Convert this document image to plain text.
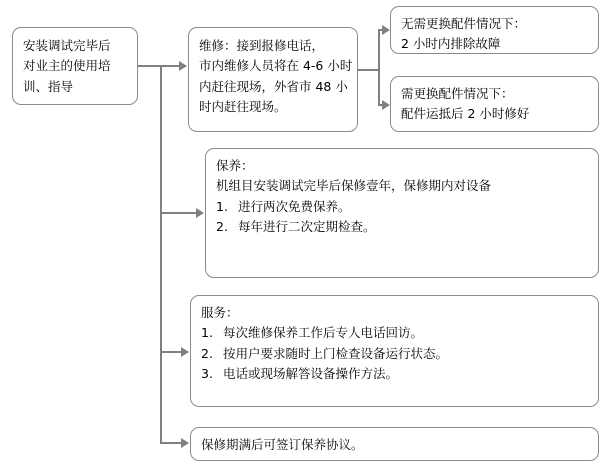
安装调试完毕后
对业主的使用培
训、指导
维修：接到报修电话，
市内维修人员将在 4-6 小时
内赶往现场，外省市 48 小
时内赶往现场。
无需更换配件情况下：
2 小时内排除故障
需更换配件情况下：
配件运抵后 2 小时修好
保养：
机组目安装调试完毕后保修壹年，保修期内对设备
1. 进行两次免费保养。
2. 每年进行二次定期检查。
服务：
1. 每次维修保养工作后专人电话回访。
2. 按用户要求随时上门检查设备运行状态。
3. 电话或现场解答设备操作方法。
保修期满后可签订保养协议。
